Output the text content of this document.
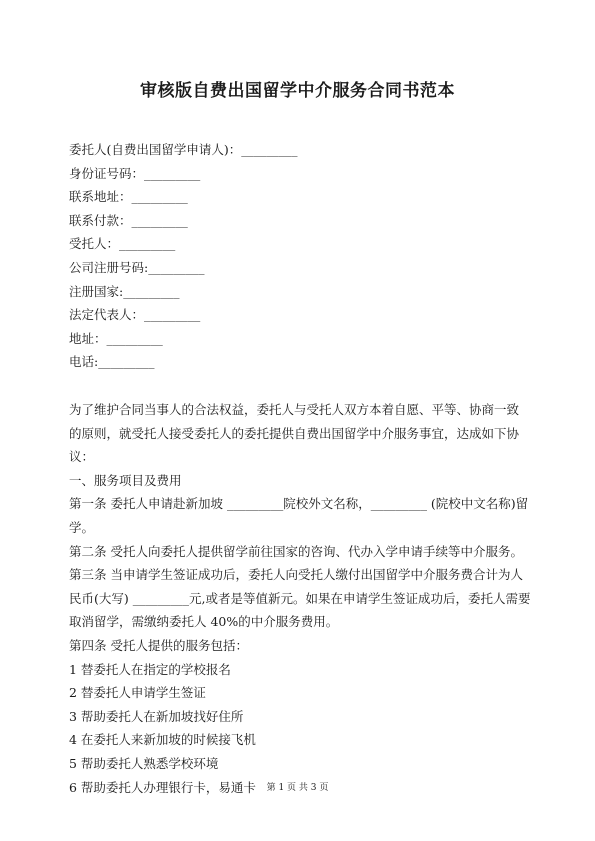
审核版自费出国留学中介服务合同书范本
委托人(自费出国留学申请人)：_________
身份证号码：_________
联系地址：_________
联系付款：_________
受托人：_________
公司注册号码:_________
注册国家:_________
法定代表人：_________
地址：_________
电话:_________

为了维护合同当事人的合法权益，委托人与受托人双方本着自愿、平等、协商一致的原则，就受托人接受委托人的委托提供自费出国留学中介服务事宜，达成如下协议：

一、服务项目及费用

第一条 委托人申请赴新加坡 _________院校外文名称，_________ (院校中文名称)留学。

第二条 受托人向委托人提供留学前往国家的咨询、代办入学申请手续等中介服务。

第三条 当申请学生签证成功后，委托人向受托人缴付出国留学中介服务费合计为人民币(大写) _________元,或者是等值新元。如果在申请学生签证成功后，委托人需要取消留学，需缴纳委托人 40%的中介服务费用。

第四条 受托人提供的服务包括：

1 替委托人在指定的学校报名

2 替委托人申请学生签证

3 帮助委托人在新加坡找好住所

4 在委托人来新加坡的时候接飞机

5 帮助委托人熟悉学校环境

6 帮助委托人办理银行卡，易通卡	第 1 页 共 3 页
